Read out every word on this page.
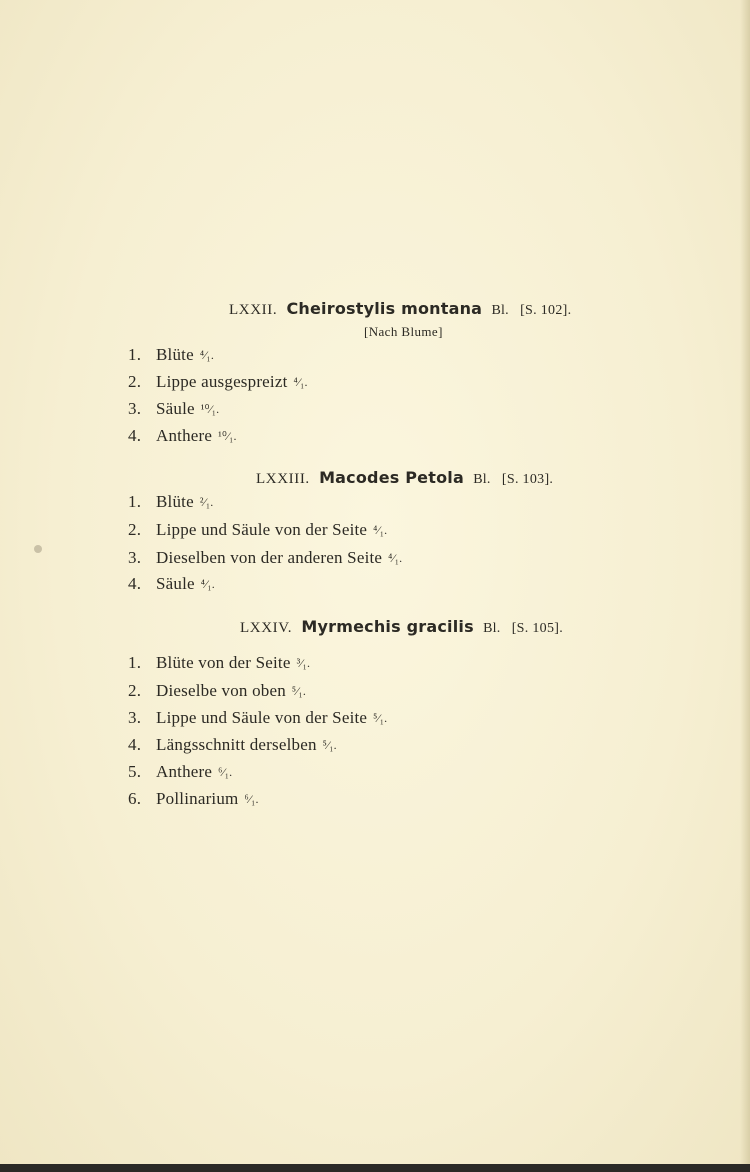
LXXII. Cheirostylis montana Bl. [S. 102].
[Nach Blume]
1. Blüte ⁴⁄₁.
2. Lippe ausgespreizt ⁴⁄₁.
3. Säule ¹⁰⁄₁.
4. Anthere ¹⁰⁄₁.
LXXIII. Macodes Petola Bl. [S. 103].
1. Blüte ²⁄₁.
2. Lippe und Säule von der Seite ⁴⁄₁.
3. Dieselben von der anderen Seite ⁴⁄₁.
4. Säule ⁴⁄₁.
LXXIV. Myrmechis gracilis Bl. [S. 105].
1. Blüte von der Seite ³⁄₁.
2. Dieselbe von oben ⁵⁄₁.
3. Lippe und Säule von der Seite ⁵⁄₁.
4. Längsschnitt derselben ⁵⁄₁.
5. Anthere ⁶⁄₁.
6. Pollinarium ⁶⁄₁.
